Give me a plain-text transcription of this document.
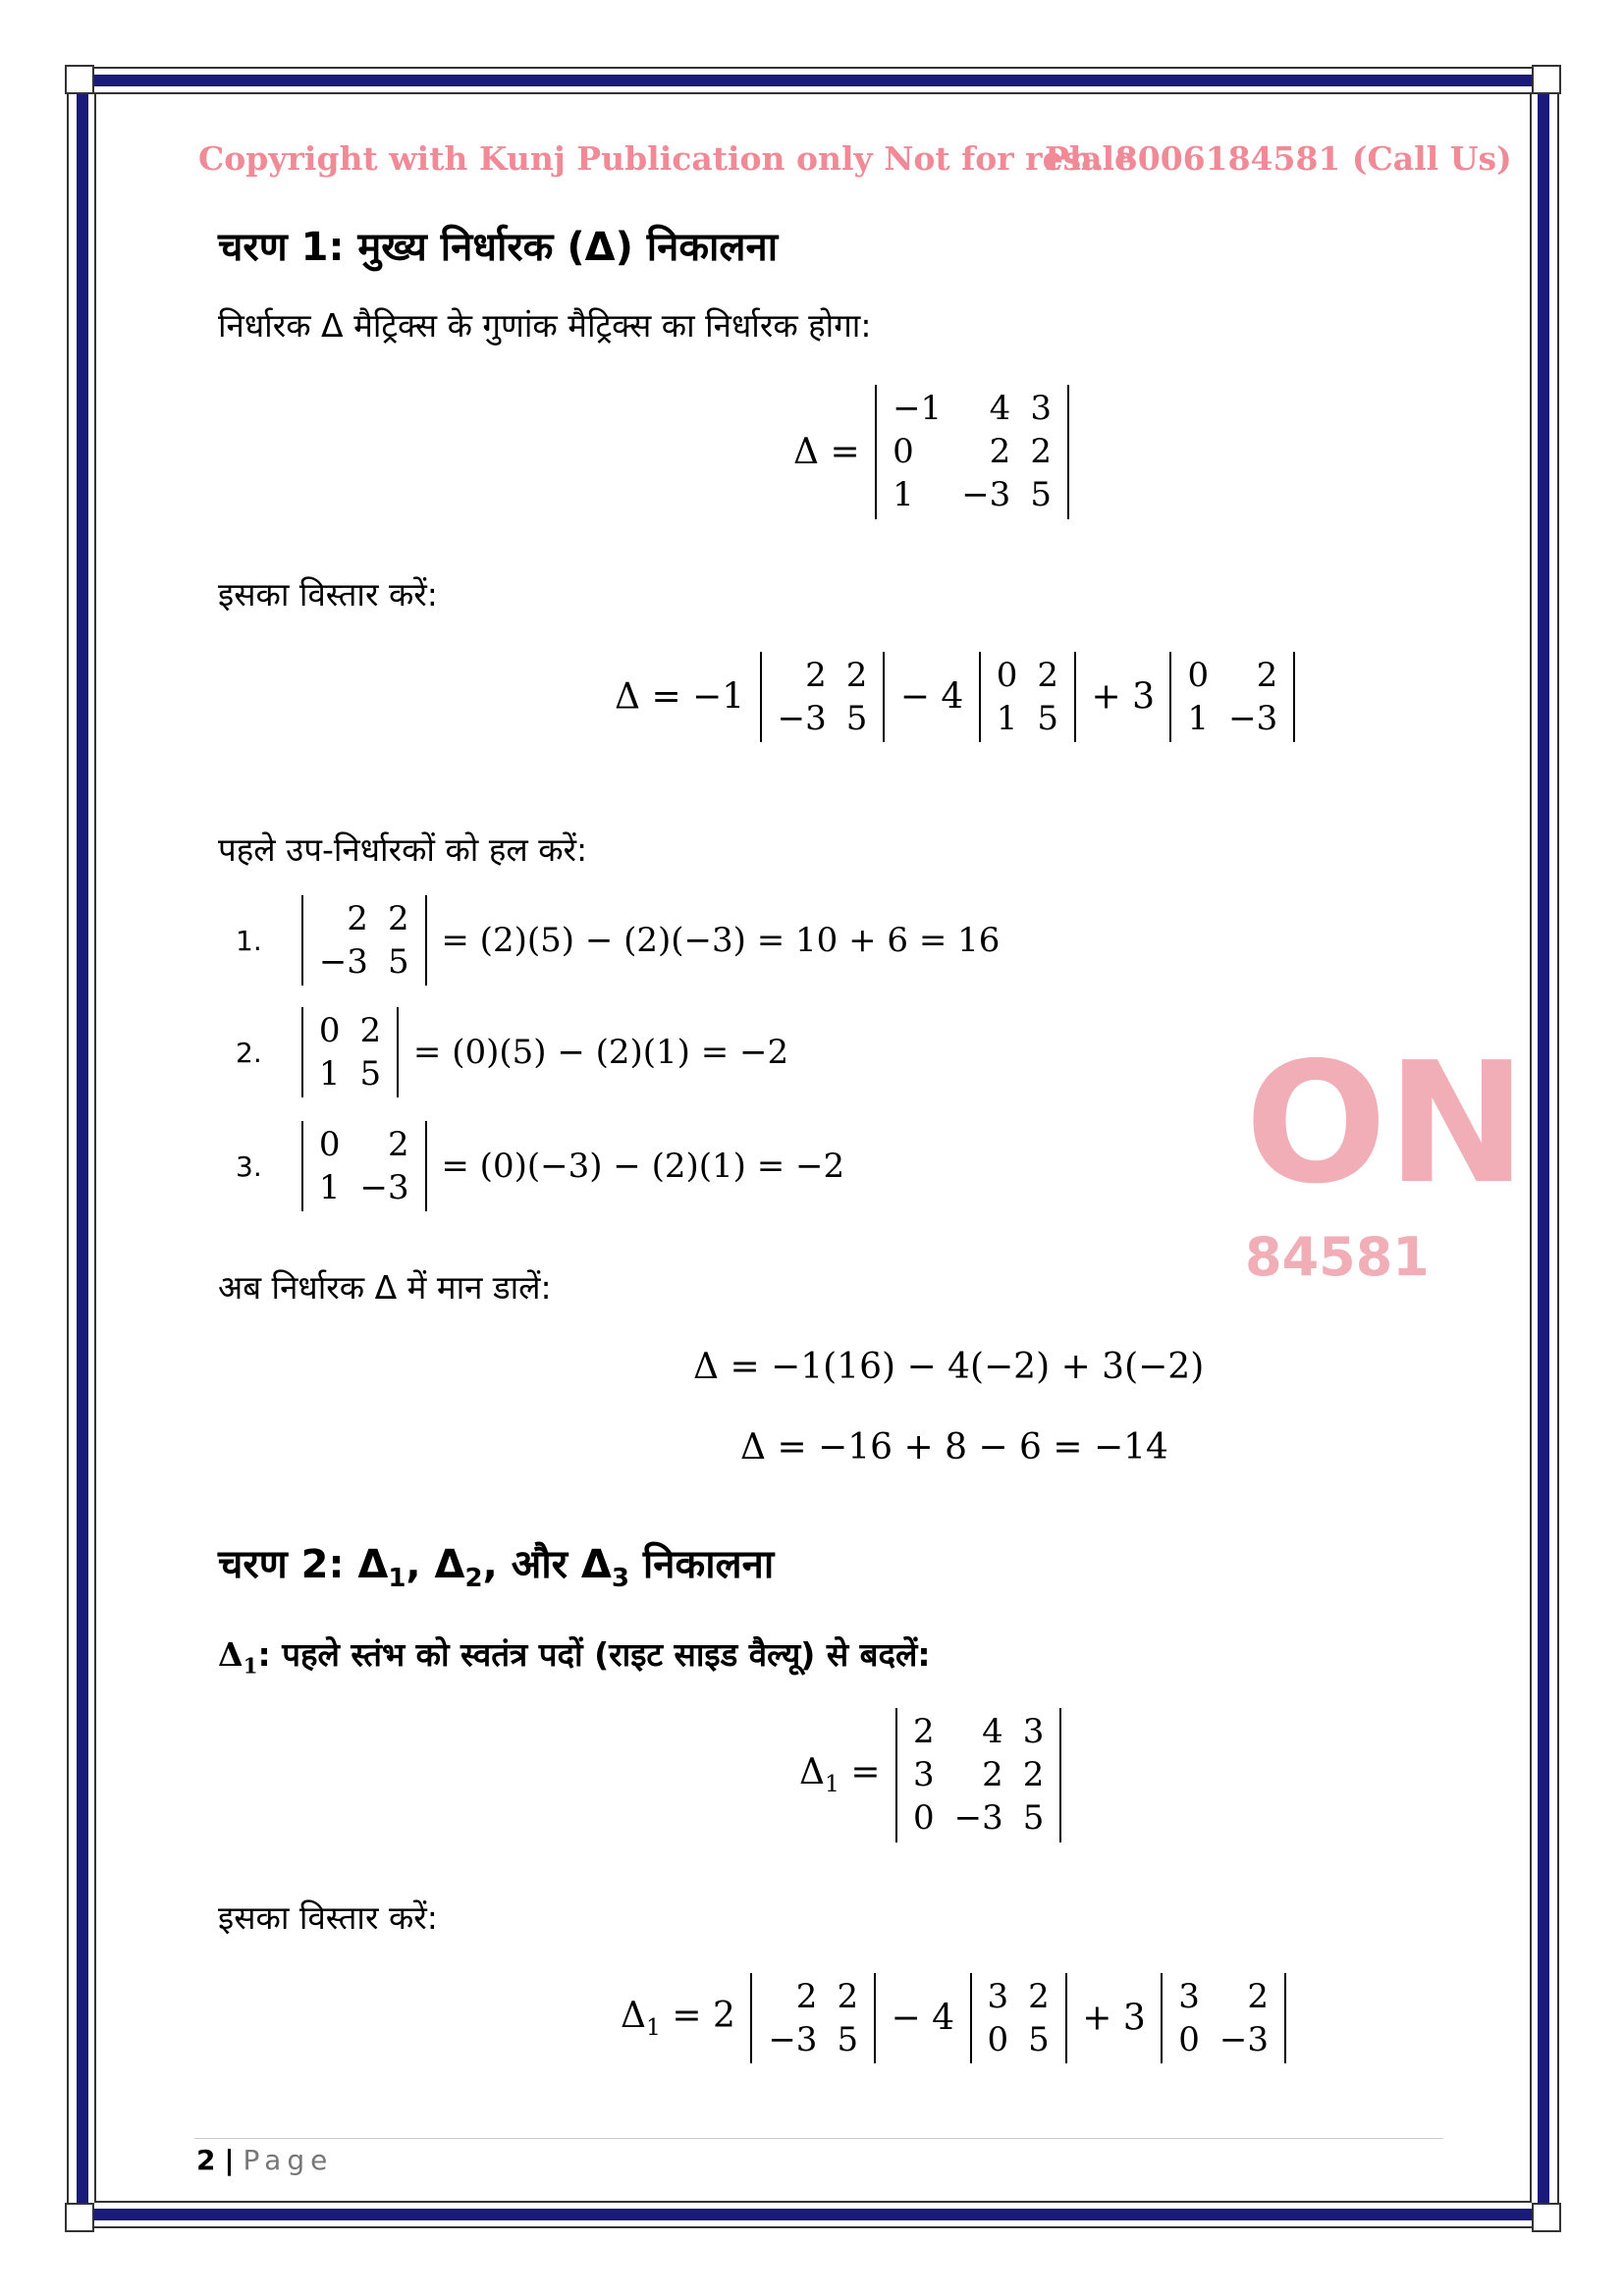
Copyright with Kunj Publication only Not for resale
Ph. 8006184581 (Call Us)
ON
84581
चरण 1: मुख्य निर्धारक (Δ) निकालना
निर्धारक Δ मैट्रिक्स के गुणांक मैट्रिक्स का निर्धारक होगा:
Δ =
−1	4	3
0	2	2
1	−3	5
इसका विस्तार करें:
Δ = −1
2	2
−3	5
− 4
0	2
1	5
+ 3
0	2
1	−3
पहले उप-निर्धारकों को हल करें:
1.
2	2
−3	5
= (2)(5) − (2)(−3) = 10 + 6 = 16
2.
0	2
1	5
= (0)(5) − (2)(1) = −2
3.
0	2
1	−3
= (0)(−3) − (2)(1) = −2
अब निर्धारक Δ में मान डालें:
Δ = −1(16) − 4(−2) + 3(−2)
Δ = −16 + 8 − 6 = −14
चरण 2: $\Delta_1$, $\Delta_2$, और $\Delta_3$ निकालना
$\Delta_1$: पहले स्तंभ को स्वतंत्र पदों (राइट साइड वैल्यू) से बदलें:
$\Delta_1$ =
2	4	3
3	2	2
0	−3	5
इसका विस्तार करें:
$\Delta_1 = 2$ 2	2
−3	5
− 4
3	2
0	5
+ 3
3	2
0	−3
2 | Page
